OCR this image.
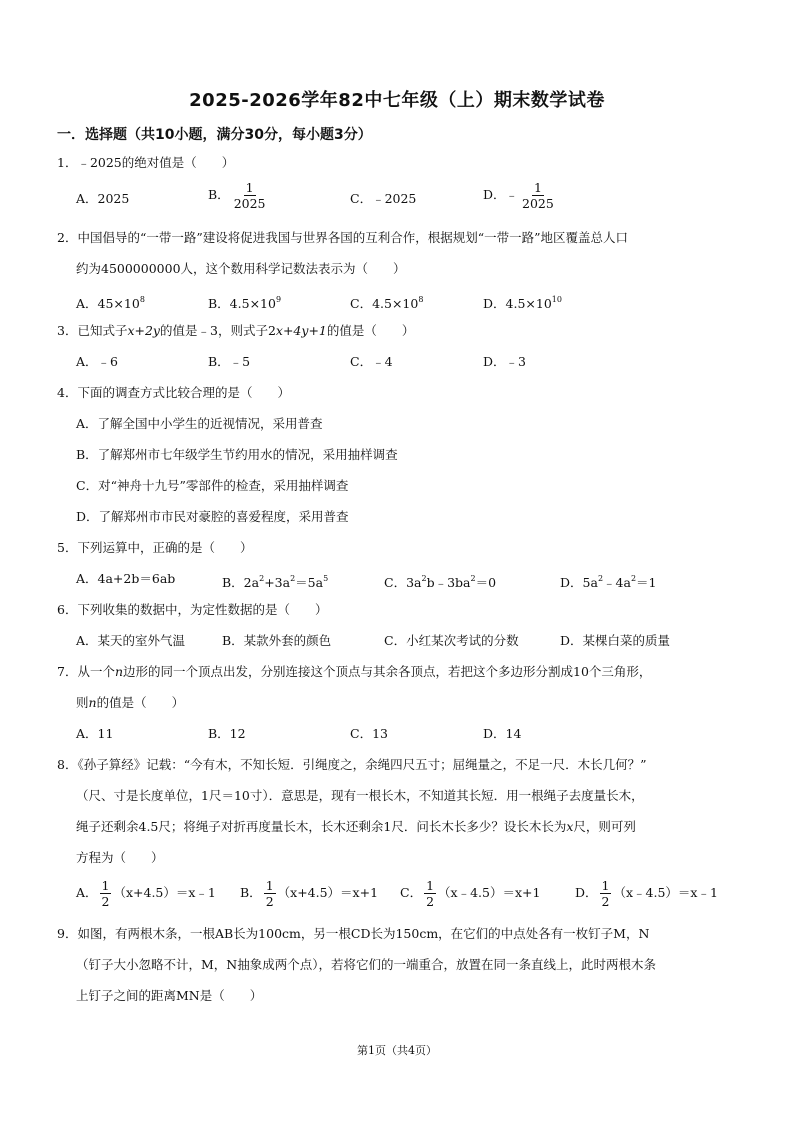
2025-2026学年82中七年级（上）期末数学试卷
一．选择题（共10小题，满分30分，每小题3分）
1．﹣2025的绝对值是（　　）
A．2025	B． $\frac{1}{2025}$	C．﹣2025	D．﹣ $\frac{1}{2025}$
2．中国倡导的“一带一路”建设将促进我国与世界各国的互利合作，根据规划“一带一路”地区覆盖总人口
约为4500000000人，这个数用科学记数法表示为（　　）
A．$45\times 10^8$	B．$4.5\times 10^9$	C．$4.5\times 10^8$	D．$4.5\times 10^{10}$
3．已知式子x+2y的值是﹣3，则式子2x+4y+1的值是（　　）
A．﹣6	B．﹣5	C．﹣4	D．﹣3
4．下面的调查方式比较合理的是（　　）
A．了解全国中小学生的近视情况，采用普查
B．了解郑州市七年级学生节约用水的情况，采用抽样调查
C．对“神舟十九号”零部件的检查，采用抽样调查
D．了解郑州市市民对豪腔的喜爱程度，采用普查
5．下列运算中，正确的是（　　）
A．4a+2b＝6ab	B．$2a^2+3a^2=5a^5$	C．$3a^2b﹣3ba^2=0$	D．$5a^2﹣4a^2=1$
6．下列收集的数据中，为定性数据的是（　　）
A．某天的室外气温	B．某款外套的颜色	C．小红某次考试的分数	D．某棵白菜的质量
7．从一个n边形的同一个顶点出发，分别连接这个顶点与其余各顶点，若把这个多边形分割成10个三角形，
则n的值是（　　）
A．11	B．12	C．13	D．14
8．《孙子算经》记载：“今有木，不知长短．引绳度之，余绳四尺五寸；屈绳量之，不足一尺．木长几何？”
（尺、寸是长度单位，1尺＝10寸）．意思是，现有一根长木，不知道其长短．用一根绳子去度量长木，
绳子还剩余4.5尺；将绳子对折再度量长木，长木还剩余1尺．问长木长多少？设长木长为x尺，则可列
方程为（　　）
A． $\frac{1}{2}$ （x+4.5）＝x﹣1 B． $\frac{1}{2} (x+4.5)=x+1$ C． $\frac{1}{2}$ （x﹣4.5）＝x+1	D． $\frac{1}{2}$ （x﹣4.5）＝x﹣1
9．如图，有两根木条，一根AB长为100cm，另一根CD长为150cm，在它们的中点处各有一枚钉子M，N
（钉子大小忽略不计，M，N抽象成两个点），若将它们的一端重合，放置在同一条直线上，此时两根木条
上钉子之间的距离MN是（　　）
第1页（共4页）
